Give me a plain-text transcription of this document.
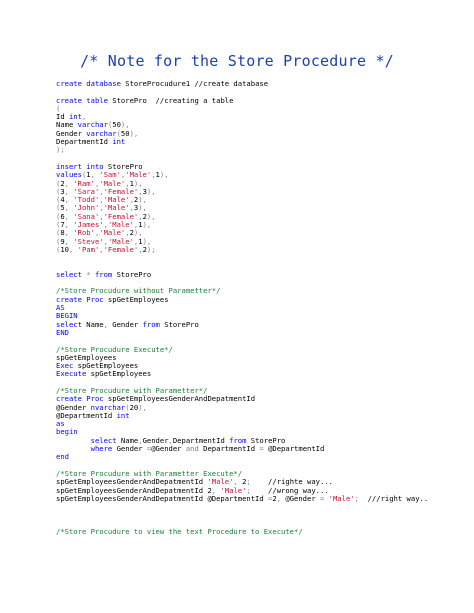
/* Note for the Store Procedure */
create database StoreProcudure1 //create database

create table StorePro  //creating a table
(
Id int,
Name varchar(50),
Gender varchar(50),
DepartmentId int
);

insert into StorePro
values(1, 'Sam','Male',1),
(2, 'Ram','Male',1),
(3, 'Sara','Female',3),
(4, 'Todd','Male',2),
(5, 'John','Male',3),
(6, 'Sana','Female',2),
(7, 'James','Male',1),
(8, 'Rob','Male',2),
(9, 'Steve','Male',1),
(10, 'Pam','Female',2);

select * from StorePro

/*Store Procudure without Parametter*/
create Proc spGetEmployees
AS
BEGIN
select Name, Gender from StorePro
END

/*Store Procudure Execute*/
spGetEmployees
Exec spGetEmployees
Execute spGetEmployees

/*Store Procudure with Parametter*/
create Proc spGetEmployeesGenderAndDepatmentId
@Gender nvarchar(20),
@DepartmentId int
as
begin
select Name,Gender,DepartmentId from StorePro
where Gender =@Gender and DepartmentId = @DepartmentId
end

/*Store Procudure with Parametter Execute*/
spGetEmployeesGenderAndDepatmentId 'Male', 2;    //righte way...
spGetEmployeesGenderAndDepatmentId 2, 'Male';    //wrong way...
spGetEmployeesGenderAndDepatmentId @DepartmentId =2, @Gender = 'Male';  ///right way..

/*Store Procudure to view the text Procedure to Execute*/
